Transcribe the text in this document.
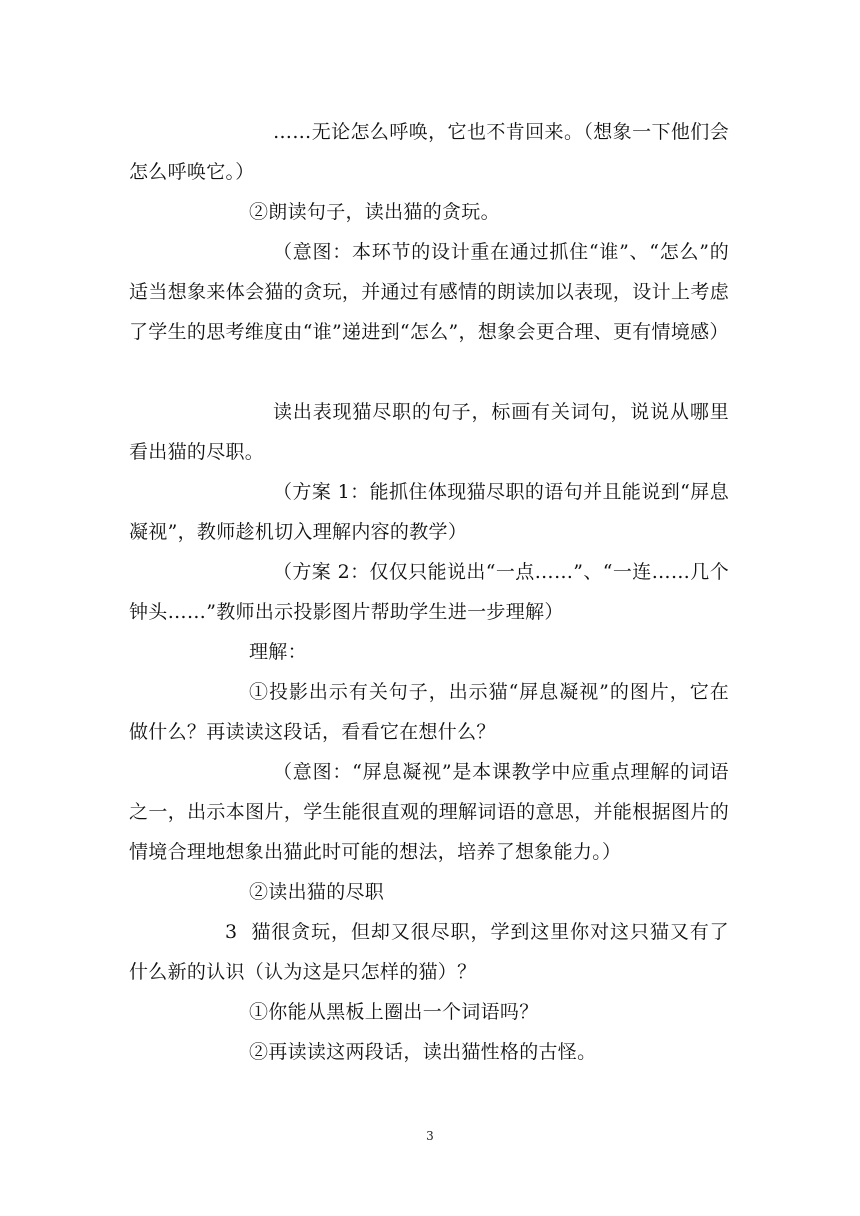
……无论怎么呼唤，它也不肯回来。（想象一下他们会怎么呼唤它。）

②朗读句子，读出猫的贪玩。

（意图：本环节的设计重在通过抓住“谁”、“怎么”的适当想象来体会猫的贪玩，并通过有感情的朗读加以表现，设计上考虑了学生的思考维度由“谁”递进到“怎么”，想象会更合理、更有情境感）

读出表现猫尽职的句子，标画有关词句，说说从哪里看出猫的尽职。

（方案 1：能抓住体现猫尽职的语句并且能说到“屏息凝视”，教师趁机切入理解内容的教学）

（方案 2：仅仅只能说出“一点……”、“一连……几个钟头……”教师出示投影图片帮助学生进一步理解）

理解：

①投影出示有关句子，出示猫“屏息凝视”的图片，它在做什么？再读读这段话，看看它在想什么？

（意图：“屏息凝视”是本课教学中应重点理解的词语之一，出示本图片，学生能很直观的理解词语的意思，并能根据图片的情境合理地想象出猫此时可能的想法，培养了想象能力。）

②读出猫的尽职

3  猫很贪玩，但却又很尽职，学到这里你对这只猫又有了什么新的认识（认为这是只怎样的猫）？

①你能从黑板上圈出一个词语吗？

②再读读这两段话，读出猫性格的古怪。

3
